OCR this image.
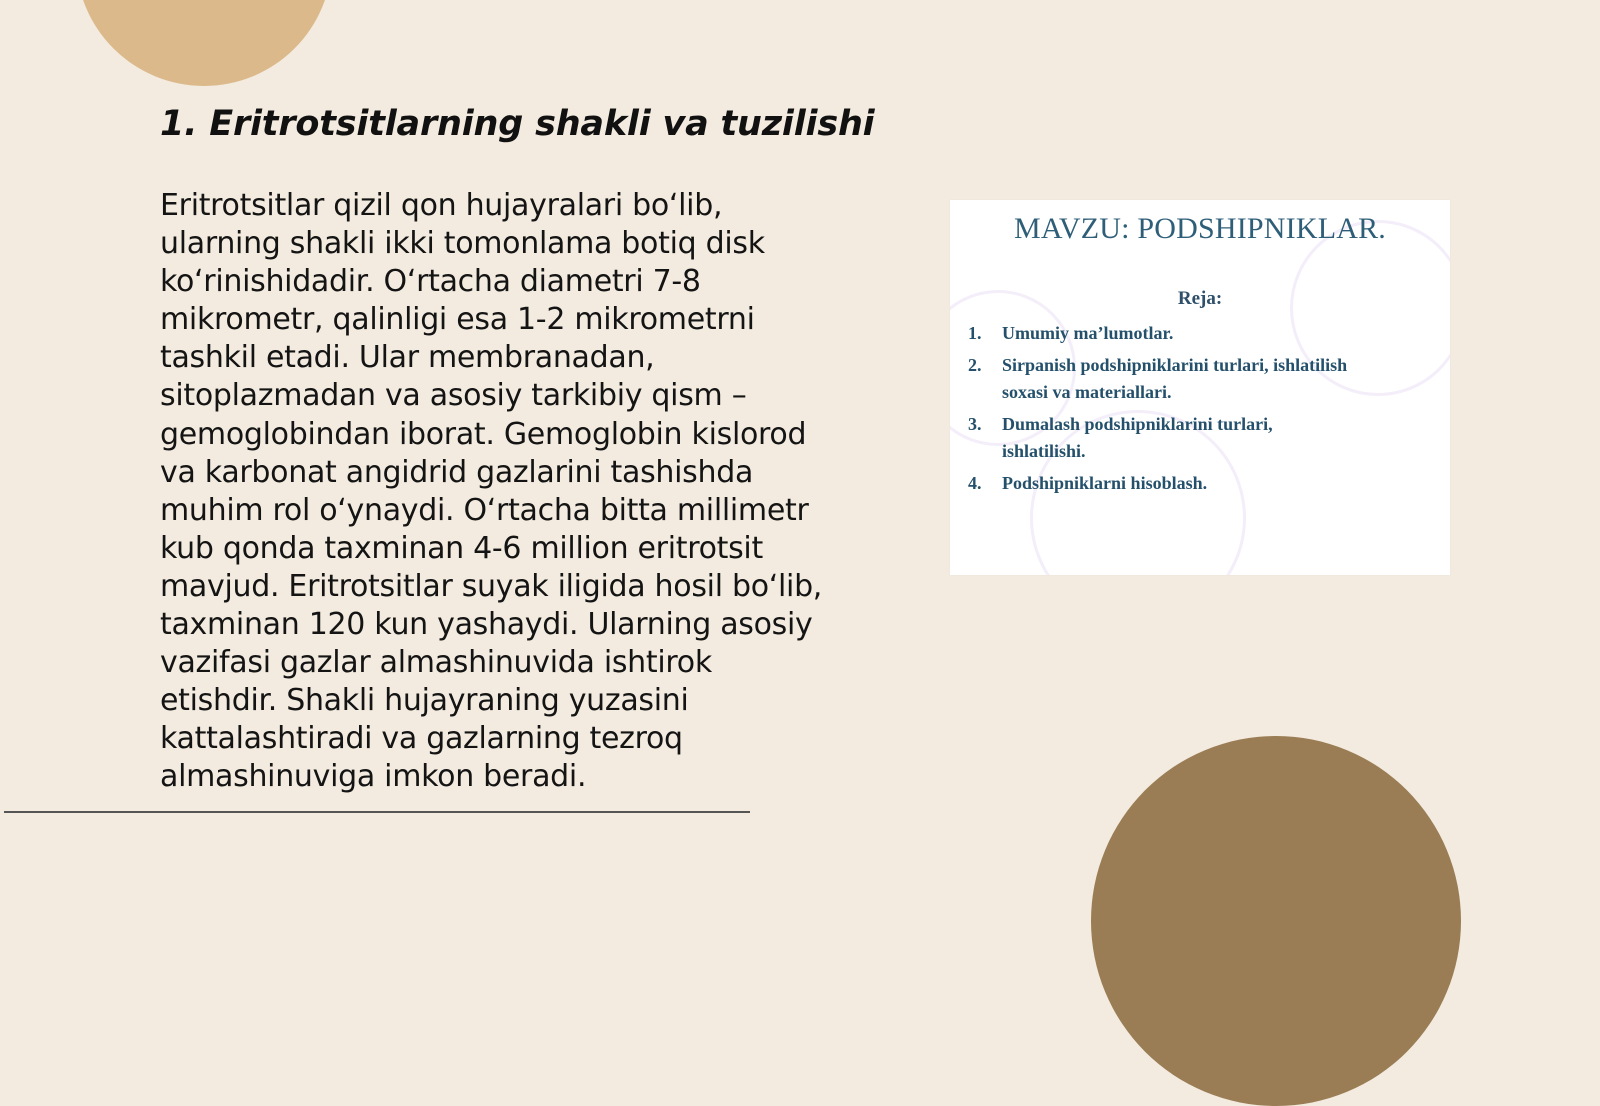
1. Eritrotsitlarning shakli va tuzilishi
Eritrotsitlar qizil qon hujayralari boʻlib,
ularning shakli ikki tomonlama botiq disk
koʻrinishidadir. Oʻrtacha diametri 7-8
mikrometr, qalinligi esa 1-2 mikrometrni
tashkil etadi. Ular membranadan,
sitoplazmadan va asosiy tarkibiy qism –
gemoglobindan iborat. Gemoglobin kislorod
va karbonat angidrid gazlarini tashishda
muhim rol oʻynaydi. Oʻrtacha bitta millimetr
kub qonda taxminan 4-6 million eritrotsit
mavjud. Eritrotsitlar suyak iligida hosil boʻlib,
taxminan 120 kun yashaydi. Ularning asosiy
vazifasi gazlar almashinuvida ishtirok
etishdir. Shakli hujayraning yuzasini
kattalashtiradi va gazlarning tezroq
almashinuviga imkon beradi.
MAVZU: PODSHIPNIKLAR.
Reja:
1.	Umumiy ma’lumotlar.
2.	Sirpanish podshipniklarini turlari, ishlatilish
soxasi va materiallari.
3.	Dumalash podshipniklarini turlari,
ishlatilishi.
4.	Podshipniklarni hisoblash.
